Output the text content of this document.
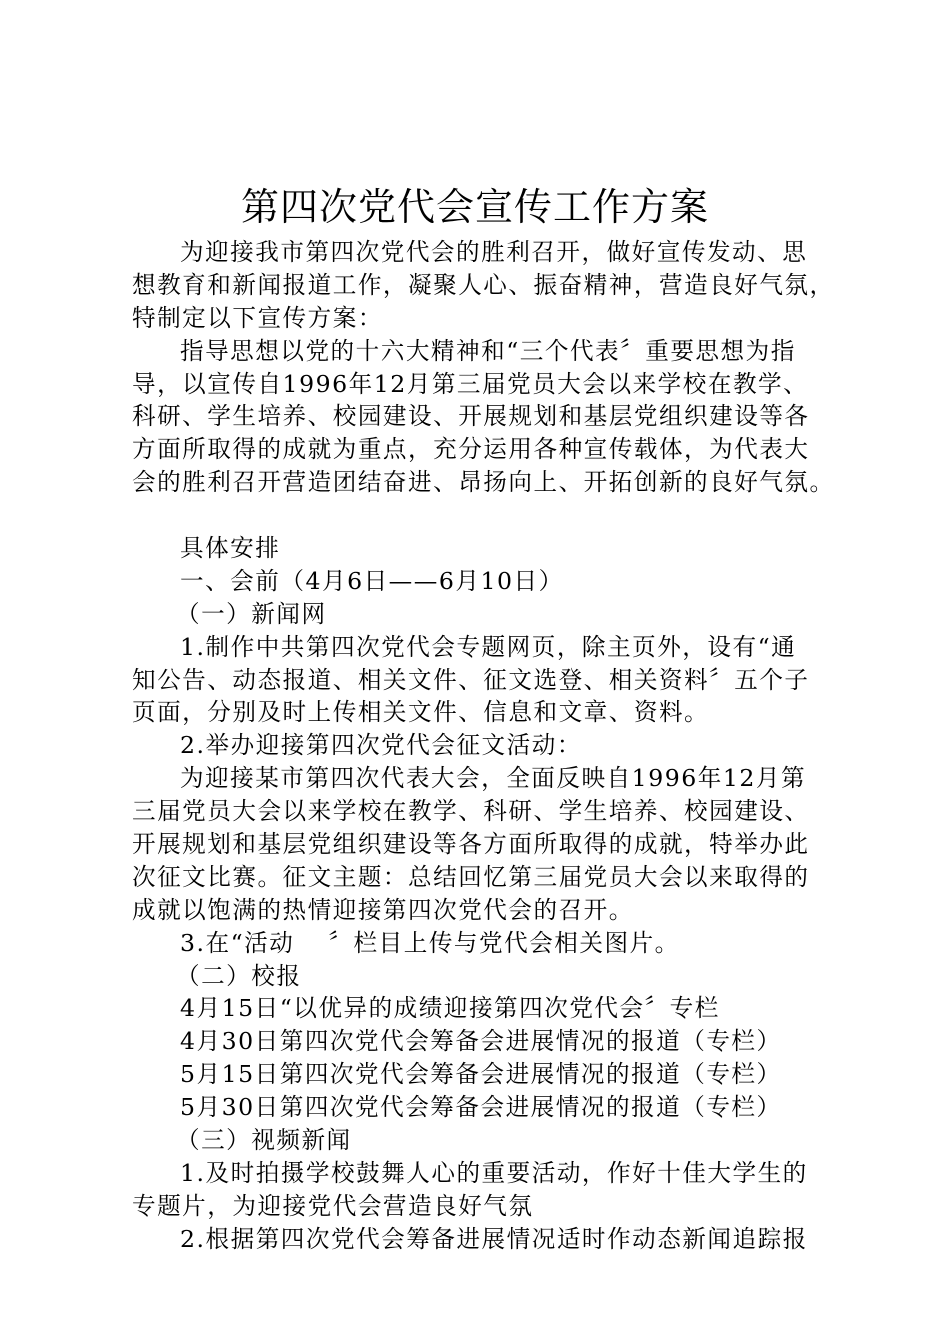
第四次党代会宣传工作方案
为迎接我市第四次党代会的胜利召开，做好宣传发动、思
想教育和新闻报道工作，凝聚人心、振奋精神，营造良好气氛，
特制定以下宣传方案：
指导思想以党的十六大精神和“三个代表〞重要思想为指
导，以宣传自1996年12月第三届党员大会以来学校在教学、
科研、学生培养、校园建设、开展规划和基层党组织建设等各
方面所取得的成就为重点，充分运用各种宣传载体，为代表大
会的胜利召开营造团结奋进、昂扬向上、开拓创新的良好气氛。
具体安排
一、会前（4月6日——6月10日）
（一）新闻网
1.制作中共第四次党代会专题网页，除主页外，设有“通
知公告、动态报道、相关文件、征文选登、相关资料〞五个子
页面，分别及时上传相关文件、信息和文章、资料。
2.举办迎接第四次党代会征文活动：
为迎接某市第四次代表大会，全面反映自1996年12月第
三届党员大会以来学校在教学、科研、学生培养、校园建设、
开展规划和基层党组织建设等各方面所取得的成就，特举办此
次征文比赛。征文主题：总结回忆第三届党员大会以来取得的
成就以饱满的热情迎接第四次党代会的召开。
3.在“活动　 〞栏目上传与党代会相关图片。
（二）校报
4月15日“以优异的成绩迎接第四次党代会〞专栏
4月30日第四次党代会筹备会进展情况的报道（专栏）
5月15日第四次党代会筹备会进展情况的报道（专栏）
5月30日第四次党代会筹备会进展情况的报道（专栏）
（三）视频新闻
1.及时拍摄学校鼓舞人心的重要活动，作好十佳大学生的
专题片，为迎接党代会营造良好气氛
2.根据第四次党代会筹备进展情况适时作动态新闻追踪报
